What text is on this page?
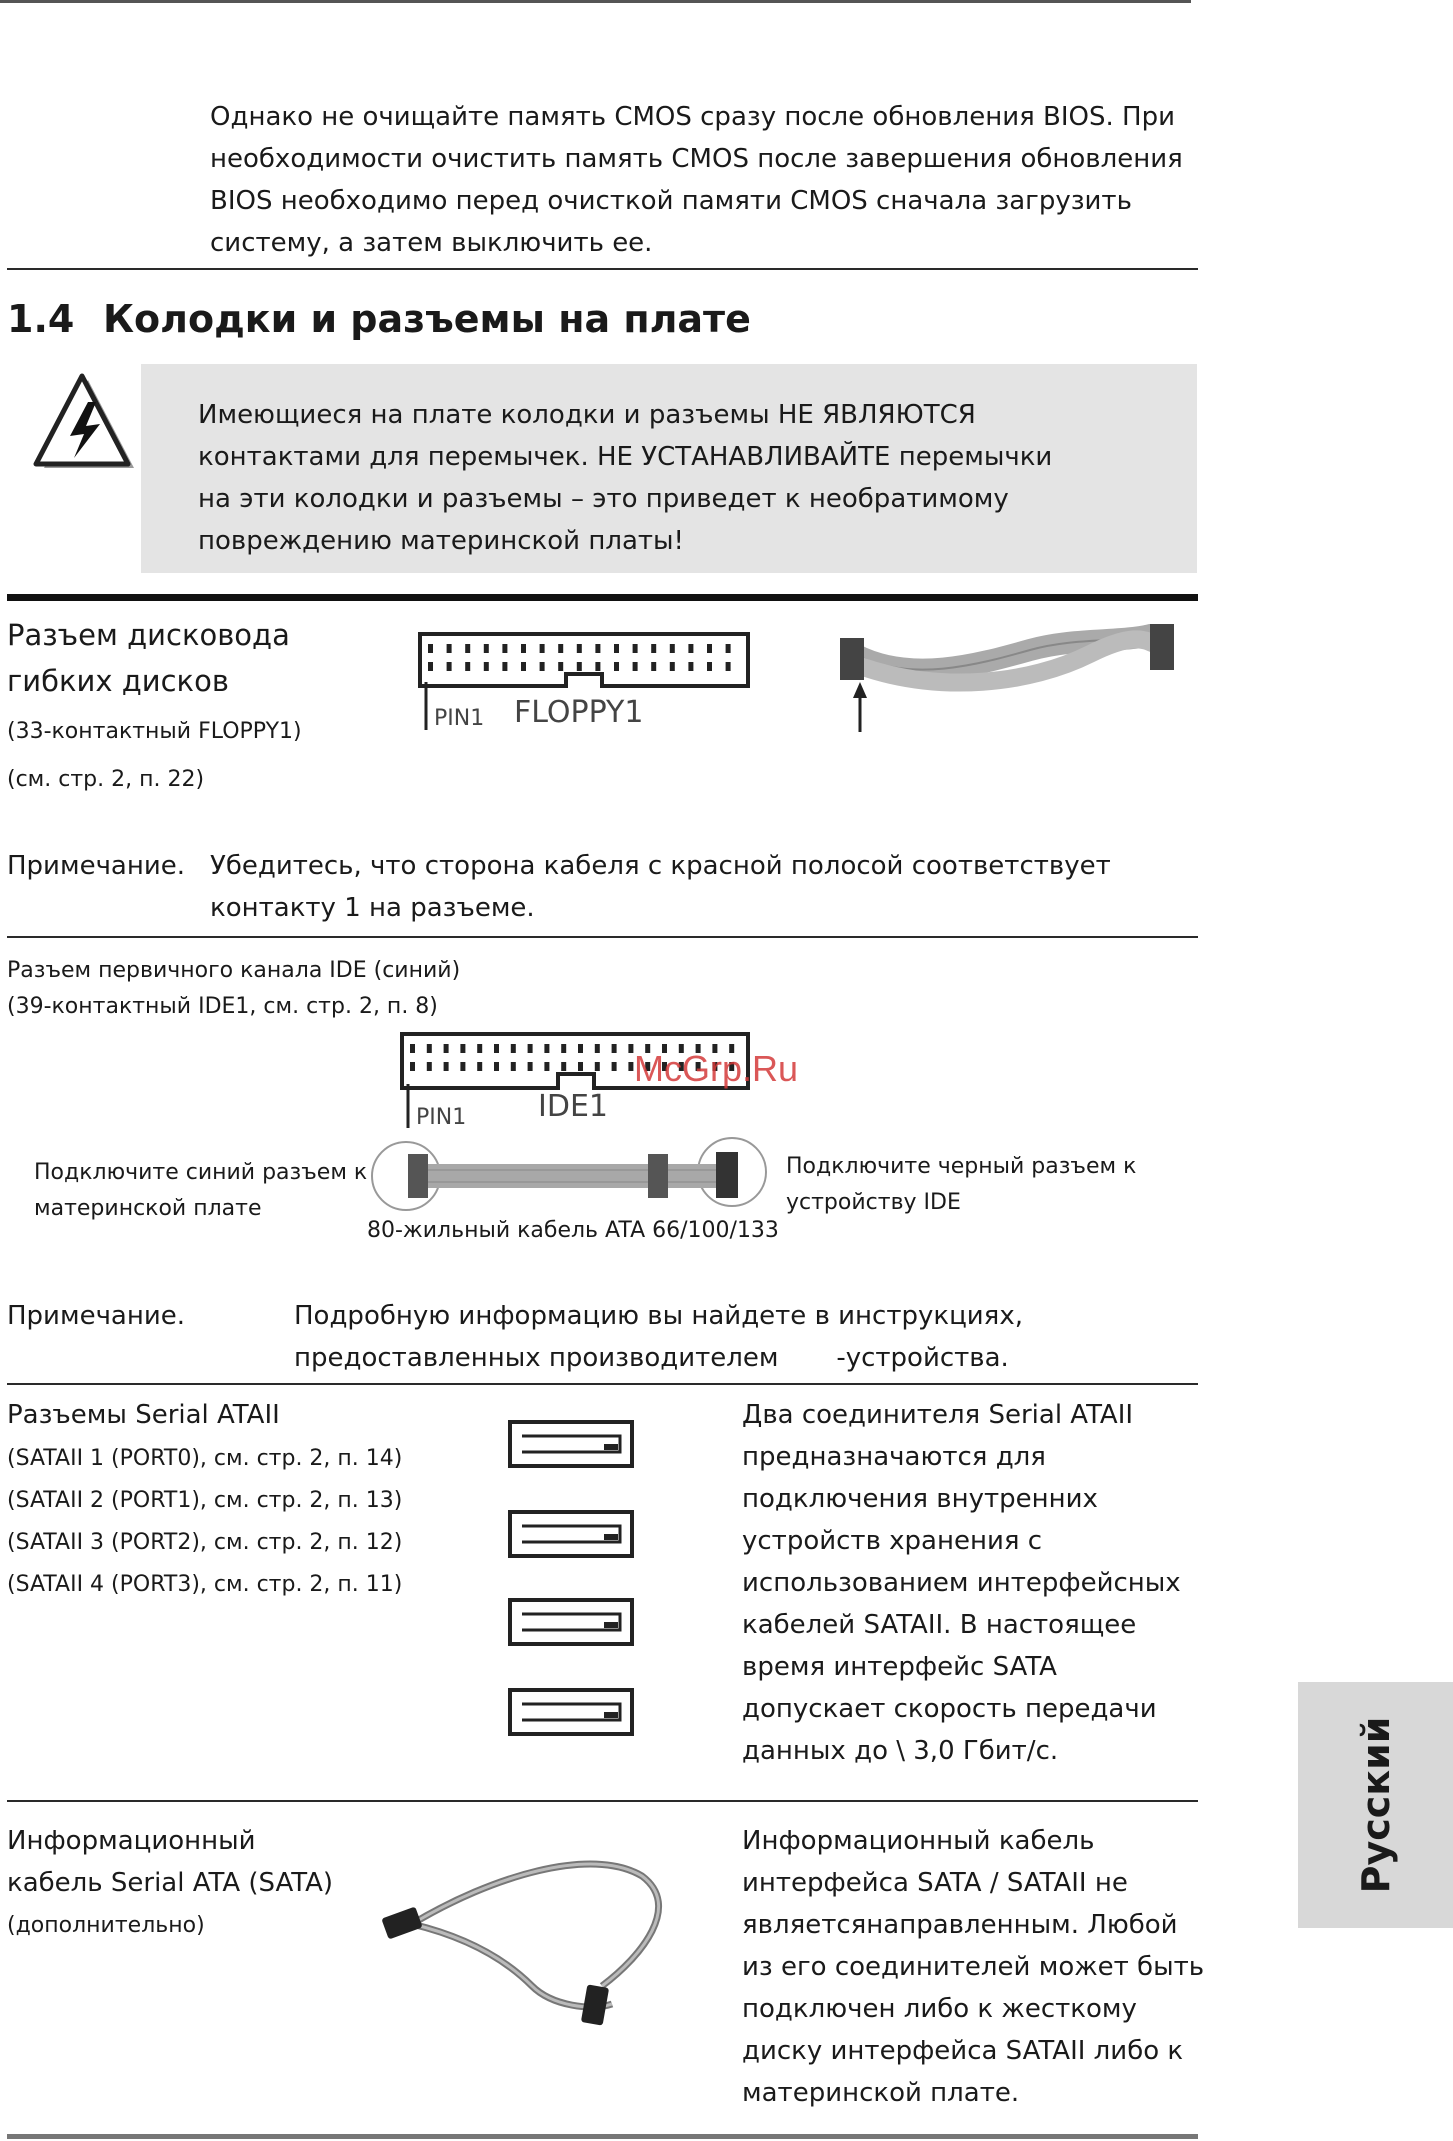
Однако не очищайте память CMOS сразу после обновления BIOS. При
необходимости очистить память CMOS после завершения обновления
BIOS необходимо перед очисткой памяти CMOS сначала загрузить
систему, а затем выключить ее.
1.4 Колодки и разъемы на плате
Имеющиеся на плате колодки и разъемы НЕ ЯВЛЯЮТСЯ
контактами для перемычек. НЕ УСТАНАВЛИВАЙТЕ перемычки
на эти колодки и разъемы – это приведет к необратимому
повреждению материнской платы!
Разъем дисковода
гибких дисков
(33-контактный FLOPPY1)
(см. стр. 2, п. 22)
PIN1 FLOPPY1
Примечание. Убедитесь, что сторона кабеля с красной полосой соответствует
контакту 1 на разъеме.
Разъем первичного канала IDE (синий)
(39-контактный IDE1, см. стр. 2, п. 8)
PIN1 IDE1
McGrp.Ru
Подключите синий разъем к
материнской плате
Подключите черный разъем к
устройству IDE
80-жильный кабель ATA 66/100/133
Примечание.	Подробную информацию вы найдете в инструкциях,
предоставленных производителем       -устройства.
Разъемы Serial ATAII
(SATAII 1 (PORT0), см. стр. 2, п. 14)
(SATAII 2 (PORT1), см. стр. 2, п. 13)
(SATAII 3 (PORT2), см. стр. 2, п. 12)
(SATAII 4 (PORT3), см. стр. 2, п. 11)
Два соединителя Serial ATAII
предназначаются для
подключения внутренних
устройств хранения с
использованием интерфейсных
кабелей SATAII. В настоящее
время интерфейс SATA
допускает скорость передачи
данных до \ 3,0 Гбит/с.
Информационный
кабель Serial ATA (SATA)
(дополнительно)
Информационный кабель
интерфейса SATA / SATAII не
являетсянаправленным. Любой
из его соединителей может быть
подключен либо к жесткому
диску интерфейса SATAII либо к
материнской плате.
Русский
